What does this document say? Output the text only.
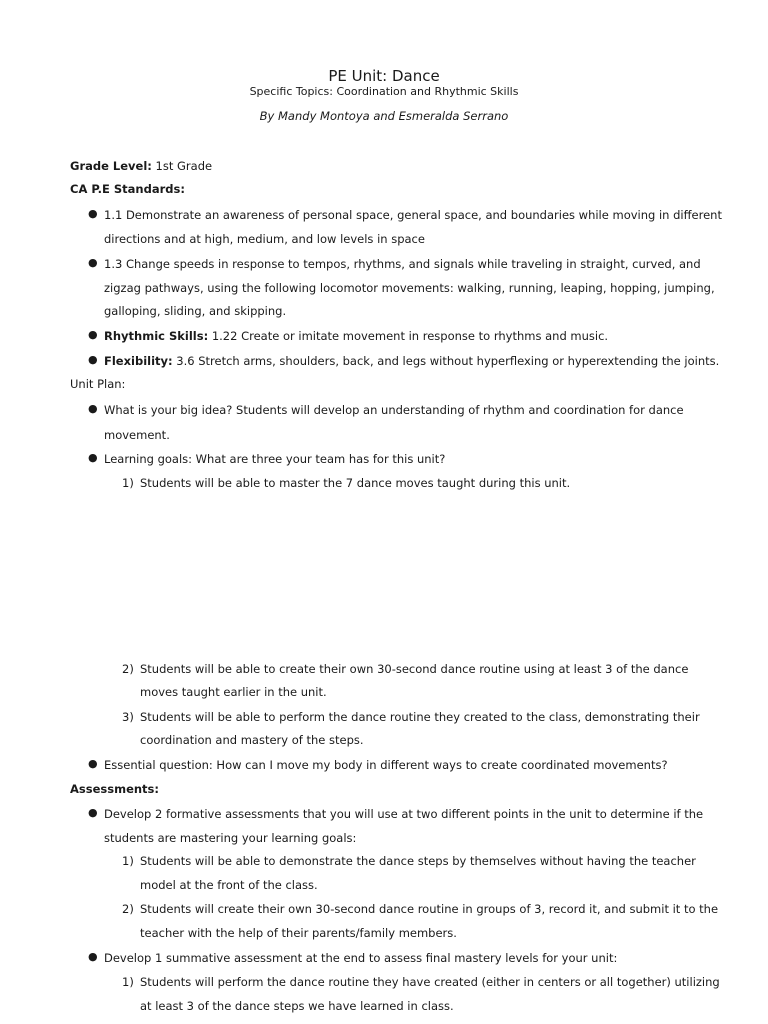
PE Unit: Dance
Specific Topics: Coordination and Rhythmic Skills
By Mandy Montoya and Esmeralda Serrano
Grade Level: 1st Grade
CA P.E Standards:
● 1.1 Demonstrate an awareness of personal space, general space, and boundaries while moving in different
directions and at high, medium, and low levels in space
● 1.3 Change speeds in response to tempos, rhythms, and signals while traveling in straight, curved, and
zigzag pathways, using the following locomotor movements: walking, running, leaping, hopping, jumping,
galloping, sliding, and skipping.
● Rhythmic Skills: 1.22 Create or imitate movement in response to rhythms and music.
● Flexibility: 3.6 Stretch arms, shoulders, back, and legs without hyperflexing or hyperextending the joints.
Unit Plan:
● What is your big idea? Students will develop an understanding of rhythm and coordination for dance
movement.
● Learning goals: What are three your team has for this unit?
1) Students will be able to master the 7 dance moves taught during this unit.
2) Students will be able to create their own 30-second dance routine using at least 3 of the dance
moves taught earlier in the unit.
3) Students will be able to perform the dance routine they created to the class, demonstrating their
coordination and mastery of the steps.
● Essential question: How can I move my body in different ways to create coordinated movements?
Assessments:
● Develop 2 formative assessments that you will use at two different points in the unit to determine if the
students are mastering your learning goals:
1) Students will be able to demonstrate the dance steps by themselves without having the teacher
model at the front of the class.
2) Students will create their own 30-second dance routine in groups of 3, record it, and submit it to the
teacher with the help of their parents/family members.
● Develop 1 summative assessment at the end to assess final mastery levels for your unit:
1) Students will perform the dance routine they have created (either in centers or all together) utilizing
at least 3 of the dance steps we have learned in class.
